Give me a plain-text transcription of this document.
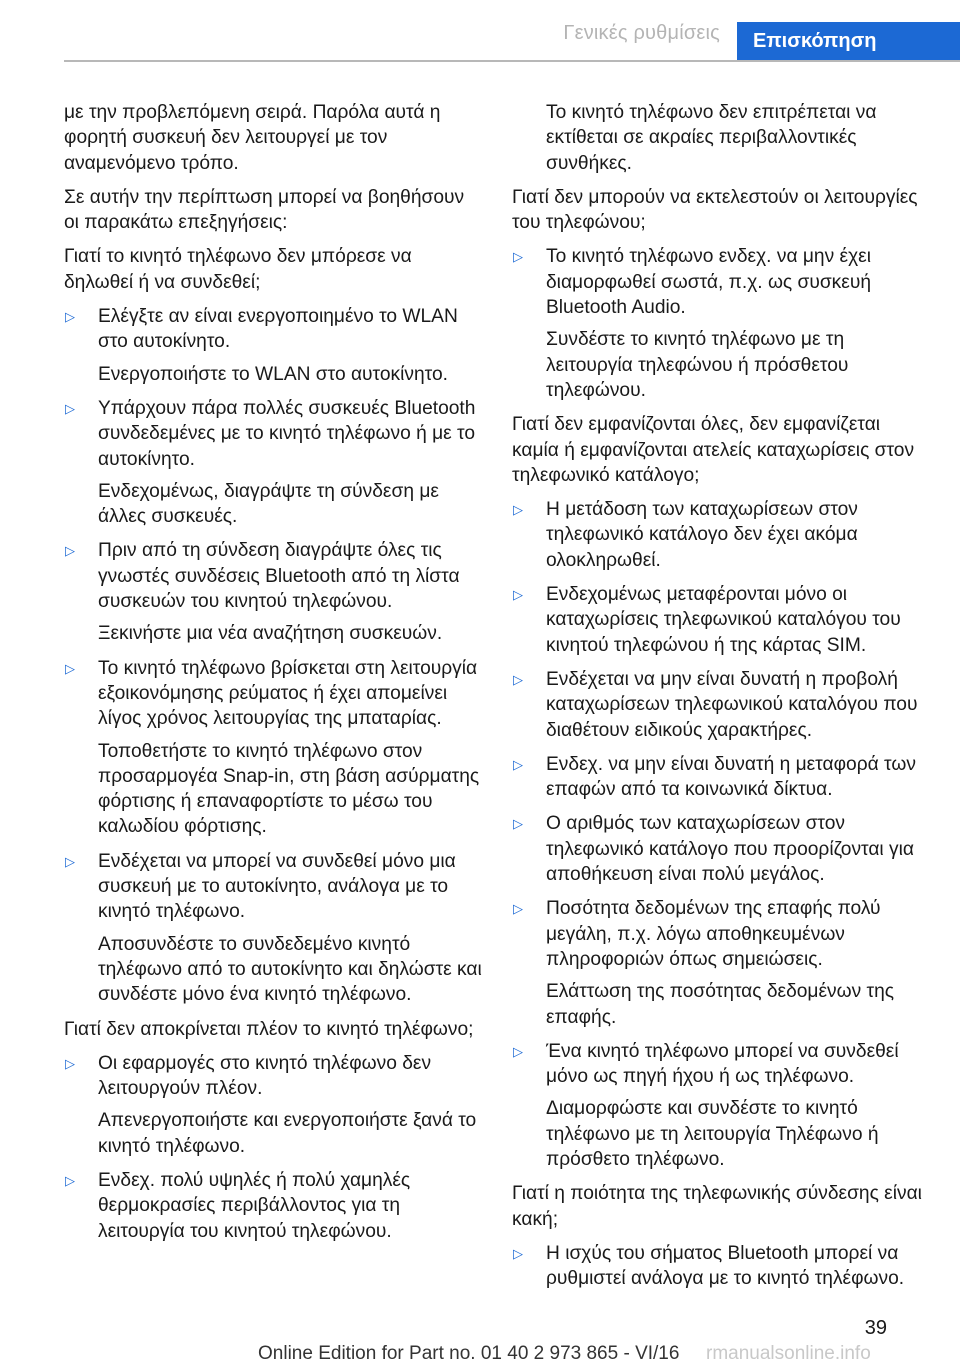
Γενικές ρυθμίσεις	Επισκόπηση

με την προβλεπόμενη σειρά. Παρόλα αυτά η φορητή συσκευή δεν λειτουργεί με τον αναμενόμενο τρόπο.

Σε αυτήν την περίπτωση μπορεί να βοηθήσουν οι παρακάτω επεξηγήσεις:

Γιατί το κινητό τηλέφωνο δεν μπόρεσε να δηλωθεί ή να συνδεθεί;

▷ Ελέγξτε αν είναι ενεργοποιημένο το WLAN στο αυτοκίνητο.

Ενεργοποιήστε το WLAN στο αυτοκίνητο.

▷ Υπάρχουν πάρα πολλές συσκευές Bluetooth συνδεδεμένες με το κινητό τηλέφωνο ή με το αυτοκίνητο.

Ενδεχομένως, διαγράψτε τη σύνδεση με άλλες συσκευές.

▷ Πριν από τη σύνδεση διαγράψτε όλες τις γνωστές συνδέσεις Bluetooth από τη λίστα συσκευών του κινητού τηλεφώνου.

Ξεκινήστε μια νέα αναζήτηση συσκευών.

▷ Το κινητό τηλέφωνο βρίσκεται στη λειτουργία εξοικονόμησης ρεύματος ή έχει απομείνει λίγος χρόνος λειτουργίας της μπαταρίας.

Τοποθετήστε το κινητό τηλέφωνο στον προσαρμογέα Snap-in, στη βάση ασύρματης φόρτισης ή επαναφορτίστε το μέσω του καλωδίου φόρτισης.

▷ Ενδέχεται να μπορεί να συνδεθεί μόνο μια συσκευή με το αυτοκίνητο, ανάλογα με το κινητό τηλέφωνο.

Αποσυνδέστε το συνδεδεμένο κινητό τηλέφωνο από το αυτοκίνητο και δηλώστε και συνδέστε μόνο ένα κινητό τηλέφωνο.

Γιατί δεν αποκρίνεται πλέον το κινητό τηλέφωνο;

▷ Οι εφαρμογές στο κινητό τηλέφωνο δεν λειτουργούν πλέον.

Απενεργοποιήστε και ενεργοποιήστε ξανά το κινητό τηλέφωνο.

▷ Ενδεχ. πολύ υψηλές ή πολύ χαμηλές θερμοκρασίες περιβάλλοντος για τη λειτουργία του κινητού τηλεφώνου.

Το κινητό τηλέφωνο δεν επιτρέπεται να εκτίθεται σε ακραίες περιβαλλοντικές συνθήκες.

Γιατί δεν μπορούν να εκτελεστούν οι λειτουργίες του τηλεφώνου;

▷ Το κινητό τηλέφωνο ενδεχ. να μην έχει διαμορφωθεί σωστά, π.χ. ως συσκευή Bluetooth Audio.

Συνδέστε το κινητό τηλέφωνο με τη λειτουργία τηλεφώνου ή πρόσθετου τηλεφώνου.

Γιατί δεν εμφανίζονται όλες, δεν εμφανίζεται καμία ή εμφανίζονται ατελείς καταχωρίσεις στον τηλεφωνικό κατάλογο;

▷ Η μετάδοση των καταχωρίσεων στον τηλεφωνικό κατάλογο δεν έχει ακόμα ολοκληρωθεί.

▷ Ενδεχομένως μεταφέρονται μόνο οι καταχωρίσεις τηλεφωνικού καταλόγου του κινητού τηλεφώνου ή της κάρτας SIM.

▷ Ενδέχεται να μην είναι δυνατή η προβολή καταχωρίσεων τηλεφωνικού καταλόγου που διαθέτουν ειδικούς χαρακτήρες.

▷ Ενδεχ. να μην είναι δυνατή η μεταφορά των επαφών από τα κοινωνικά δίκτυα.

▷ Ο αριθμός των καταχωρίσεων στον τηλεφωνικό κατάλογο που προορίζονται για αποθήκευση είναι πολύ μεγάλος.

▷ Ποσότητα δεδομένων της επαφής πολύ μεγάλη, π.χ. λόγω αποθηκευμένων πληροφοριών όπως σημειώσεις.

Ελάττωση της ποσότητας δεδομένων της επαφής.

▷ Ένα κινητό τηλέφωνο μπορεί να συνδεθεί μόνο ως πηγή ήχου ή ως τηλέφωνο.

Διαμορφώστε και συνδέστε το κινητό τηλέφωνο με τη λειτουργία Τηλέφωνο ή πρόσθετο τηλέφωνο.

Γιατί η ποιότητα της τηλεφωνικής σύνδεσης είναι κακή;

▷ Η ισχύς του σήματος Bluetooth μπορεί να ρυθμιστεί ανάλογα με το κινητό τηλέφωνο.

39
Online Edition for Part no. 01 40 2 973 865 - VI/16 rmanualsonline.info
